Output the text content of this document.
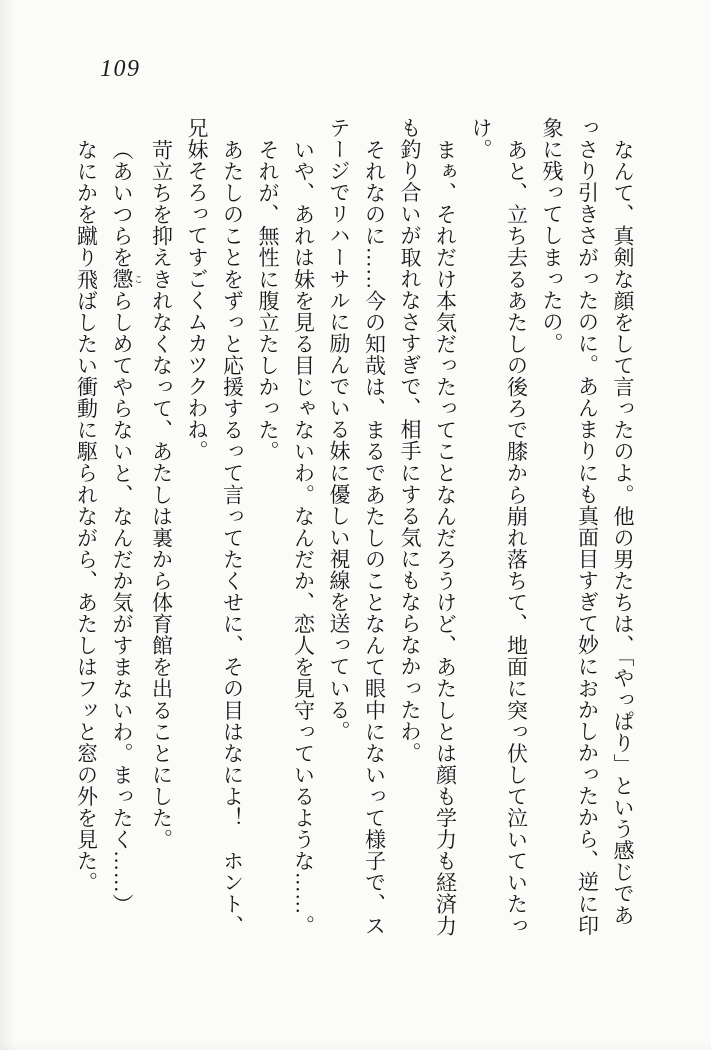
109
なんて、真剣な顔をして言ったのよ。他の男たちは、「やっぱり」という感じであ
っさり引きさがったのに。あんまりにも真面目すぎて妙におかしかったから、逆に印
象に残ってしまったの。
あと、立ち去るあたしの後ろで膝から崩れ落ちて、地面に突っ伏して泣いていたっ
け。
まぁ、それだけ本気だったってことなんだろうけど、あたしとは顔も学力も経済力
も釣り合いが取れなさすぎで、相手にする気にもならなかったわ。
それなのに……今の知哉は、まるであたしのことなんて眼中にないって様子で、ス
テージでリハーサルに励んでいる妹に優しい視線を送っている。
いや、あれは妹を見る目じゃないわ。なんだか、恋人を見守っているような……。
それが、無性に腹立たしかった。
あたしのことをずっと応援するって言ってたくせに、その目はなによ！　ホント、
兄妹そろってすごくムカツクわね。
苛立ちを抑えきれなくなって、あたしは裏から体育館を出ることにした。
（あいつらを懲 こらしめてやらないと、なんだか気がすまないわ。まったく……）
なにかを蹴り飛ばしたい衝動に駆られながら、あたしはフッと窓の外を見た。
